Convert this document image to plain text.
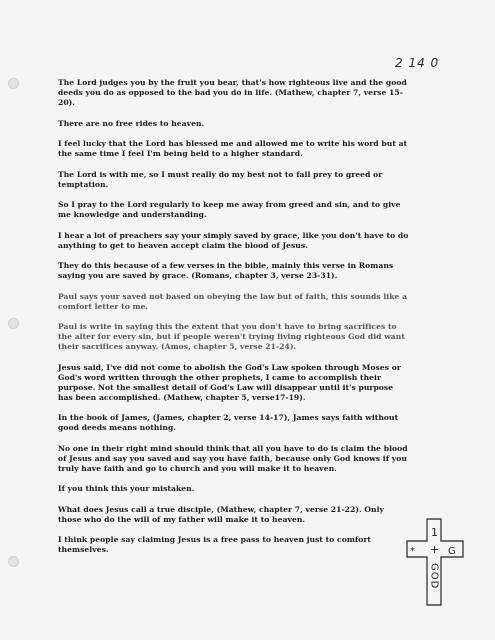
2 14 0

The Lord judges you by the fruit you bear, that's how righteous live and the good deeds you do as opposed to the bad you do in life. (Mathew, chapter 7, verse 15-20).

There are no free rides to heaven.

I feel lucky that the Lord has blessed me and allowed me to write his word but at the same time I feel I'm being held to a higher standard.

The Lord is with me, so I must really do my best not to fall prey to greed or temptation.

So I pray to the Lord regularly to keep me away from greed and sin, and to give me knowledge and understanding.

I hear a lot of preachers say your simply saved by grace, like you don't have to do anything to get to heaven accept claim the blood of Jesus.

They do this because of a few verses in the bible, mainly this verse in Romans saying you are saved by grace. (Romans, chapter 3, verse 23-31).

Paul says your saved not based on obeying the law but of faith, this sounds like a comfort letter to me.

Paul is write in saying this the extent that you don't have to bring sacrifices to the alter for every sin, but if people weren't trying living righteous God did want their sacrifices anyway. (Amos, chapter 5, verse 21-24).

Jesus said, I've did not come to abolish the God's Law spoken through Moses or God's word written through the other prophets, I came to accomplish their purpose. Not the smallest detail of God's Law will disappear until it's purpose has been accomplished. (Mathew, chapter 5, verse17-19).

In the book of James, (James, chapter 2, verse 14-17), James says faith without good deeds means nothing.

No one in their right mind should think that all you have to do is claim the blood of Jesus and say you saved and say you have faith, because only God knows if you truly have faith and go to church and you will make it to heaven.

If you think this your mistaken.

What does Jesus call a true disciple, (Mathew, chapter 7, verse 21-22). Only those who do the will of my father will make it to heaven.

I think people say claiming Jesus is a free pass to heaven just to comfort themselves.

1
* + G
GOD
